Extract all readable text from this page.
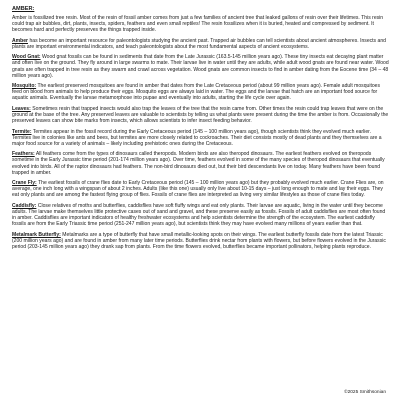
AMBER:

Amber is fossilized tree resin. Most of the resin of fossil amber comes from just a few families of ancient tree that leaked gallons of resin over their lifetimes. This resin could trap air bubbles, dirt, plants, insects, spiders, feathers and even small reptiles! The resin fossilizes when it is buried, heated and compressed by sediment. It becomes hard and perfectly preserves the things trapped inside.

Amber has become an important resource for paleontologists studying the ancient past. Trapped air bubbles can tell scientists about ancient atmospheres. Insects and plants are important environmental indicators, and teach paleontologists about the most fundamental aspects of ancient ecosystems.

Wood Gnat: Wood gnat fossils can be found in sediments that date from the Late Jurassic (163.5-145 million years ago). These tiny insects eat decaying plant matter and often live on the ground. They fly around in large swarms to mate. Their larvae live in water until they are adults, while adult wood gnats are found near water. Wood gnats are often trapped in tree resin as they swarm and crawl across vegetation. Wood gnats are common insects to find in amber dating from the Eocene time (34 – 48 million years ago).

Mosquito: The earliest preserved mosquitoes are found in amber that dates from the Late Cretaceous period (about 99 million years ago). Female adult mosquitoes feed on blood from animals to help produce their eggs. Mosquito eggs are always laid in water. The eggs and the larvae that hatch are an important food source for aquatic animals. Eventually the larvae metamorphose into pupae and eventually into adults, starting the life cycle over again.

Leaves: Sometimes resin that trapped insects would also trap the leaves of the tree that the resin came from. Other times the resin could trap leaves that were on the ground at the base of the tree. Any preserved leaves are valuable to scientists by telling us what plants were present during the time the amber is from. Occasionally the preserved leaves can show bite marks from insects, which allows scientists to infer insect feeding behavior.

Termite: Termites appear in the fossil record during the Early Cretaceous period (145 – 100 million years ago), though scientists think they evolved much earlier. Termites live in colonies like ants and bees, but termites are more closely related to cockroaches. Their diet consists mostly of dead plants and they themselves are a major food source for a variety of animals – likely including prehistoric ones during the Cretaceous.

Feathers: All feathers come from the types of dinosaurs called theropods. Modern birds are also theropod dinosaurs. The earliest feathers evolved on theropods sometime in the Early Jurassic time period (201-174 million years ago). Over time, feathers evolved in some of the many species of theropod dinosaurs that eventually evolved into birds. All of the raptor dinosaurs had feathers. The non-bird dinosaurs died out, but their bird descendants live on today. Many feathers have been found trapped in amber.

Crane Fly: The earliest fossils of crane flies date to Early Cretaceous period (145 – 100 million years ago) but they probably evolved much earlier. Crane Flies are, on average, one inch long with a wingspan of about 2 inches. Adults (like this one) usually only live about 10-15 days – just long enough to mate and lay their eggs. They eat only plants and are among the fastest flying group of flies. Fossils of crane flies are interpreted as living very similar lifestyles as those of crane flies today.

Caddisfly: Close relatives of moths and butterflies, caddisflies have soft fluffy wings and eat only plants. Their larvae are aquatic, living in the water until they become adults. The larvae make themselves little protective cases out of sand and gravel, and these preserve easily as fossils. Fossils of adult caddisflies are most often found in amber. Caddisflies are important indicators of healthy freshwater ecosystems and help scientists determine the strength of the ecosystem. The earliest caddisfly fossils are from the Early Triassic time period (251-247 million years ago), but scientists think they may have evolved many millions of years earlier than that.

Metalmark Butterfly: Metalmarks are a type of butterfly that have small metallic-looking spots on their wings. The earliest butterfly fossils date from the latest Triassic (200 million years ago) and are found in amber from many later time periods. Butterflies drink nectar from plants with flowers, but before flowers evolved in the Jurassic period (203-145 million years ago) they drank sap from plants. From the time flowers evolved, butterflies became important pollinators, helping plants reproduce.

©2025 Smithsonian
